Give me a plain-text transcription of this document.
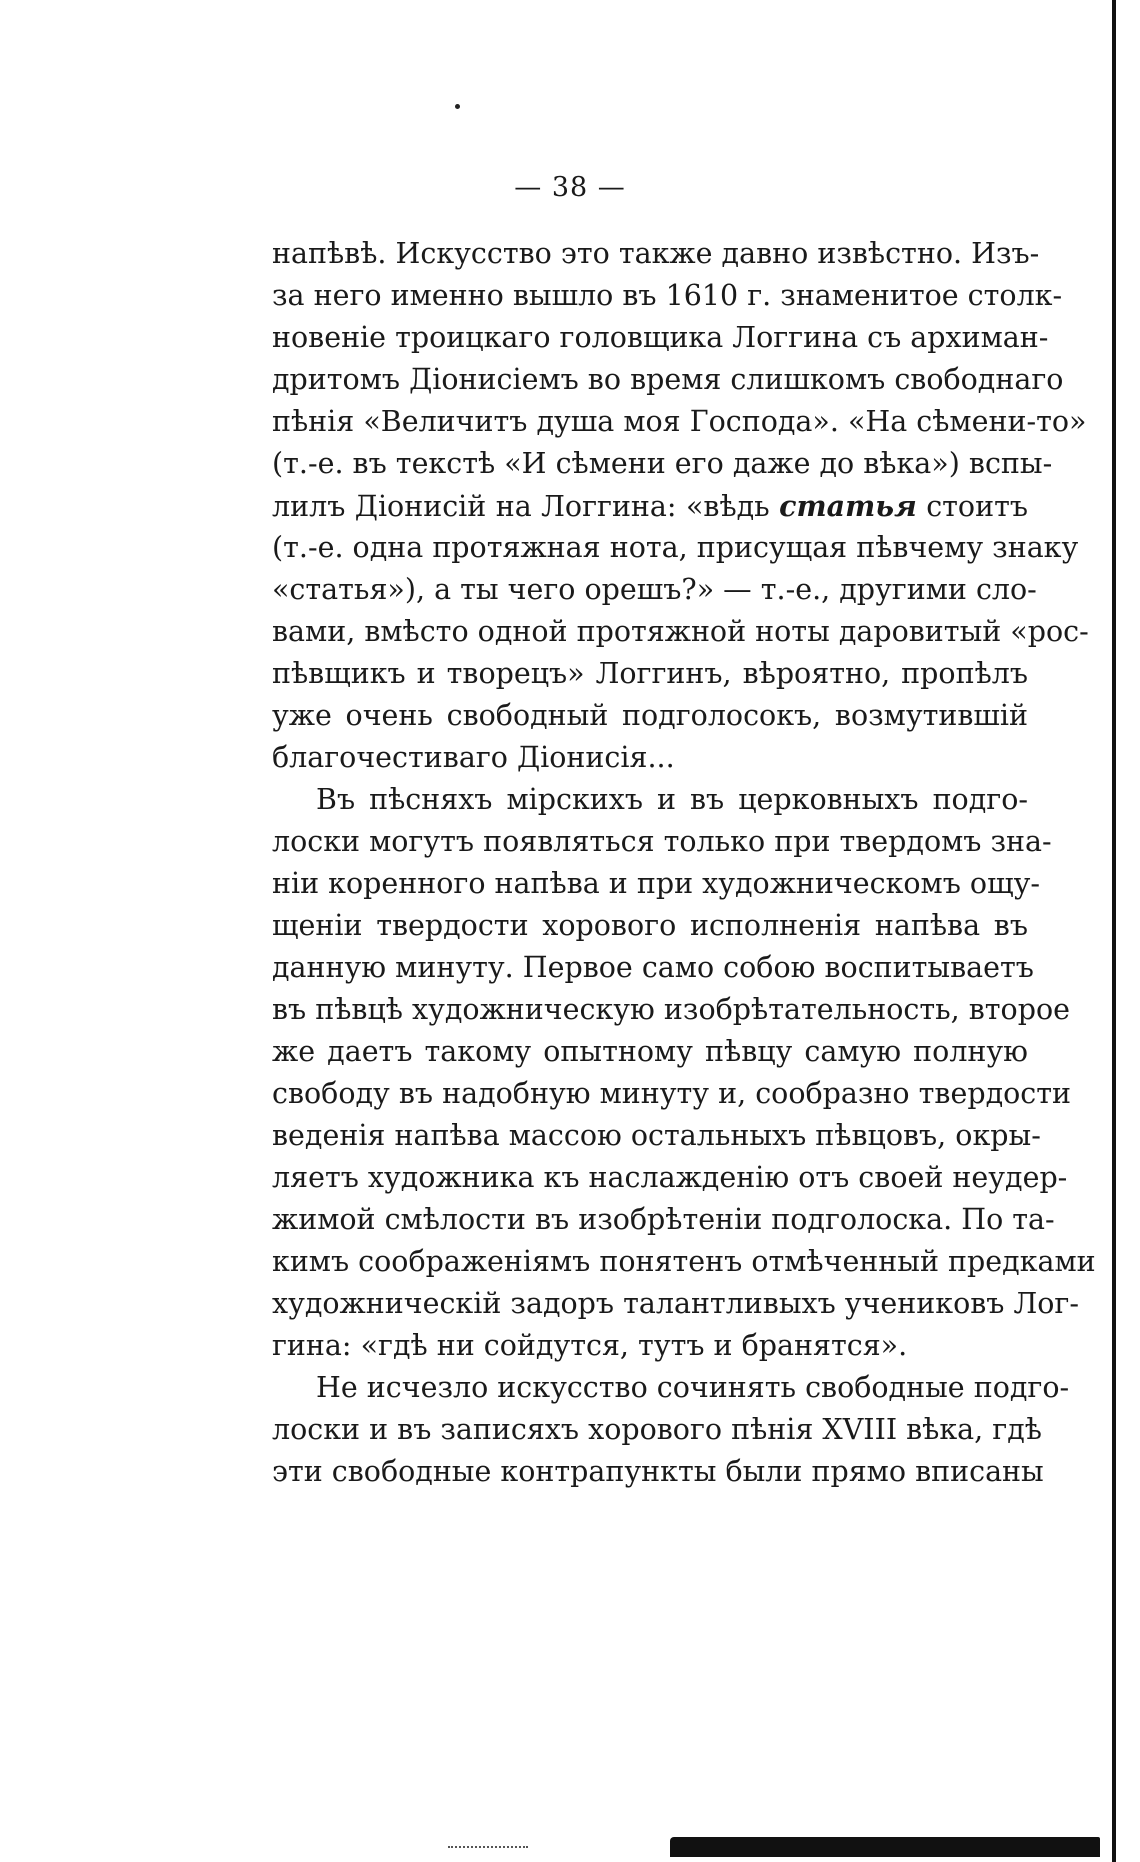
— 38 —
напѣвѣ. Искусство это также давно извѣстно. Изъ-
за него именно вышло въ 1610 г. знаменитое столк-
новеніе троицкаго головщика Логгина съ архиман-
дритомъ Діонисіемъ во время слишкомъ свободнаго
пѣнія «Величитъ душа моя Господа». «На сѣмени-то»
(т.-е. въ текстѣ «И сѣмени его даже до вѣка») вспы-
лилъ Діонисій на Логгина: «вѣдь статья стоитъ
(т.-е. одна протяжная нота, присущая пѣвчему знаку
«статья»), а ты чего орешъ?» — т.-е., другими сло-
вами, вмѣсто одной протяжной ноты даровитый «рос-
пѣвщикъ и творецъ» Логгинъ, вѣроятно, пропѣлъ
уже очень свободный подголосокъ, возмутившій
благочестиваго Діонисія...
Въ пѣсняхъ мірскихъ и въ церковныхъ подго-
лоски могутъ появляться только при твердомъ зна-
ніи коренного напѣва и при художническомъ ощу-
щеніи твердости хорового исполненія напѣва въ
данную минуту. Первое само собою воспитываетъ
въ пѣвцѣ художническую изобрѣтательность, второе
же даетъ такому опытному пѣвцу самую полную
свободу въ надобную минуту и, сообразно твердости
веденія напѣва массою остальныхъ пѣвцовъ, окры-
ляетъ художника къ наслажденію отъ своей неудер-
жимой смѣлости въ изобрѣтеніи подголоска. По та-
кимъ соображеніямъ понятенъ отмѣченный предками
художническій задоръ талантливыхъ учениковъ Лог-
гина: «гдѣ ни сойдутся, тутъ и бранятся».
Не исчезло искусство сочинять свободные подго-
лоски и въ записяхъ хорового пѣнія XVIII вѣка, гдѣ
эти свободные контрапункты были прямо вписаны
